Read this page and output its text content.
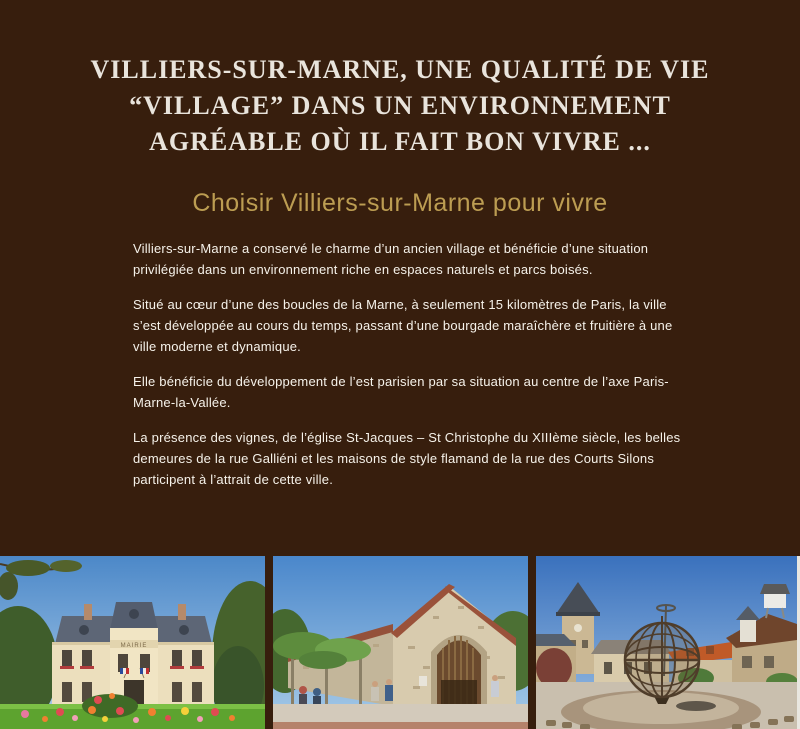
VILLIERS-SUR-MARNE, UNE QUALITÉ DE VIE
“VILLAGE” DANS UN ENVIRONNEMENT
AGRÉABLE OÙ IL FAIT BON VIVRE ...
Choisir Villiers-sur-Marne pour vivre

Villiers-sur-Marne a conservé le charme d’un ancien village et bénéficie d’une situation privilégiée dans un environnement riche en espaces naturels et parcs boisés.

Situé au cœur d’une des boucles de la Marne, à seulement 15 kilomètres de Paris, la ville s’est développée au cours du temps, passant d’une bourgade maraîchère et fruitière à une ville moderne et dynamique.

Elle bénéficie du développement de l’est parisien par sa situation au centre de l’axe Paris-Marne-la-Vallée.

La présence des vignes, de l’église St-Jacques – St Christophe du XIIIème siècle, les belles demeures de la rue Galliéni et les maisons de style flamand de la rue des Courts Silons participent à l’attrait de cette ville.

MAIRIE
